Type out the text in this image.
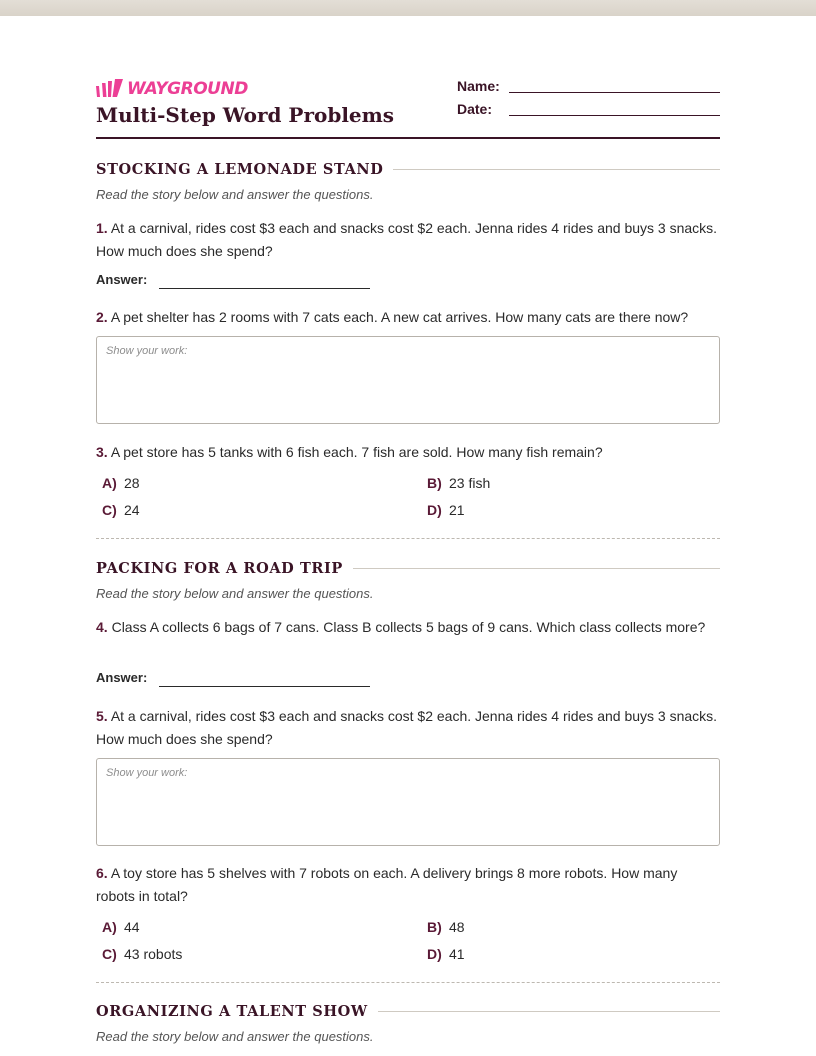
WAYGROUND
Multi-Step Word Problems
Name:
Date:
STOCKING A LEMONADE STAND
Read the story below and answer the questions.
1. At a carnival, rides cost $3 each and snacks cost $2 each. Jenna rides 4 rides and buys 3 snacks. How much does she spend?
Answer:
2. A pet shelter has 2 rooms with 7 cats each. A new cat arrives. How many cats are there now?
Show your work:
3. A pet store has 5 tanks with 6 fish each. 7 fish are sold. How many fish remain?
A) 28	B) 23 fish
C) 24	D) 21
PACKING FOR A ROAD TRIP
Read the story below and answer the questions.
4. Class A collects 6 bags of 7 cans. Class B collects 5 bags of 9 cans. Which class collects more?
Answer:
5. At a carnival, rides cost $3 each and snacks cost $2 each. Jenna rides 4 rides and buys 3 snacks. How much does she spend?
Show your work:
6. A toy store has 5 shelves with 7 robots on each. A delivery brings 8 more robots. How many robots in total?
A) 44	B) 48
C) 43 robots	D) 41
ORGANIZING A TALENT SHOW
Read the story below and answer the questions.
